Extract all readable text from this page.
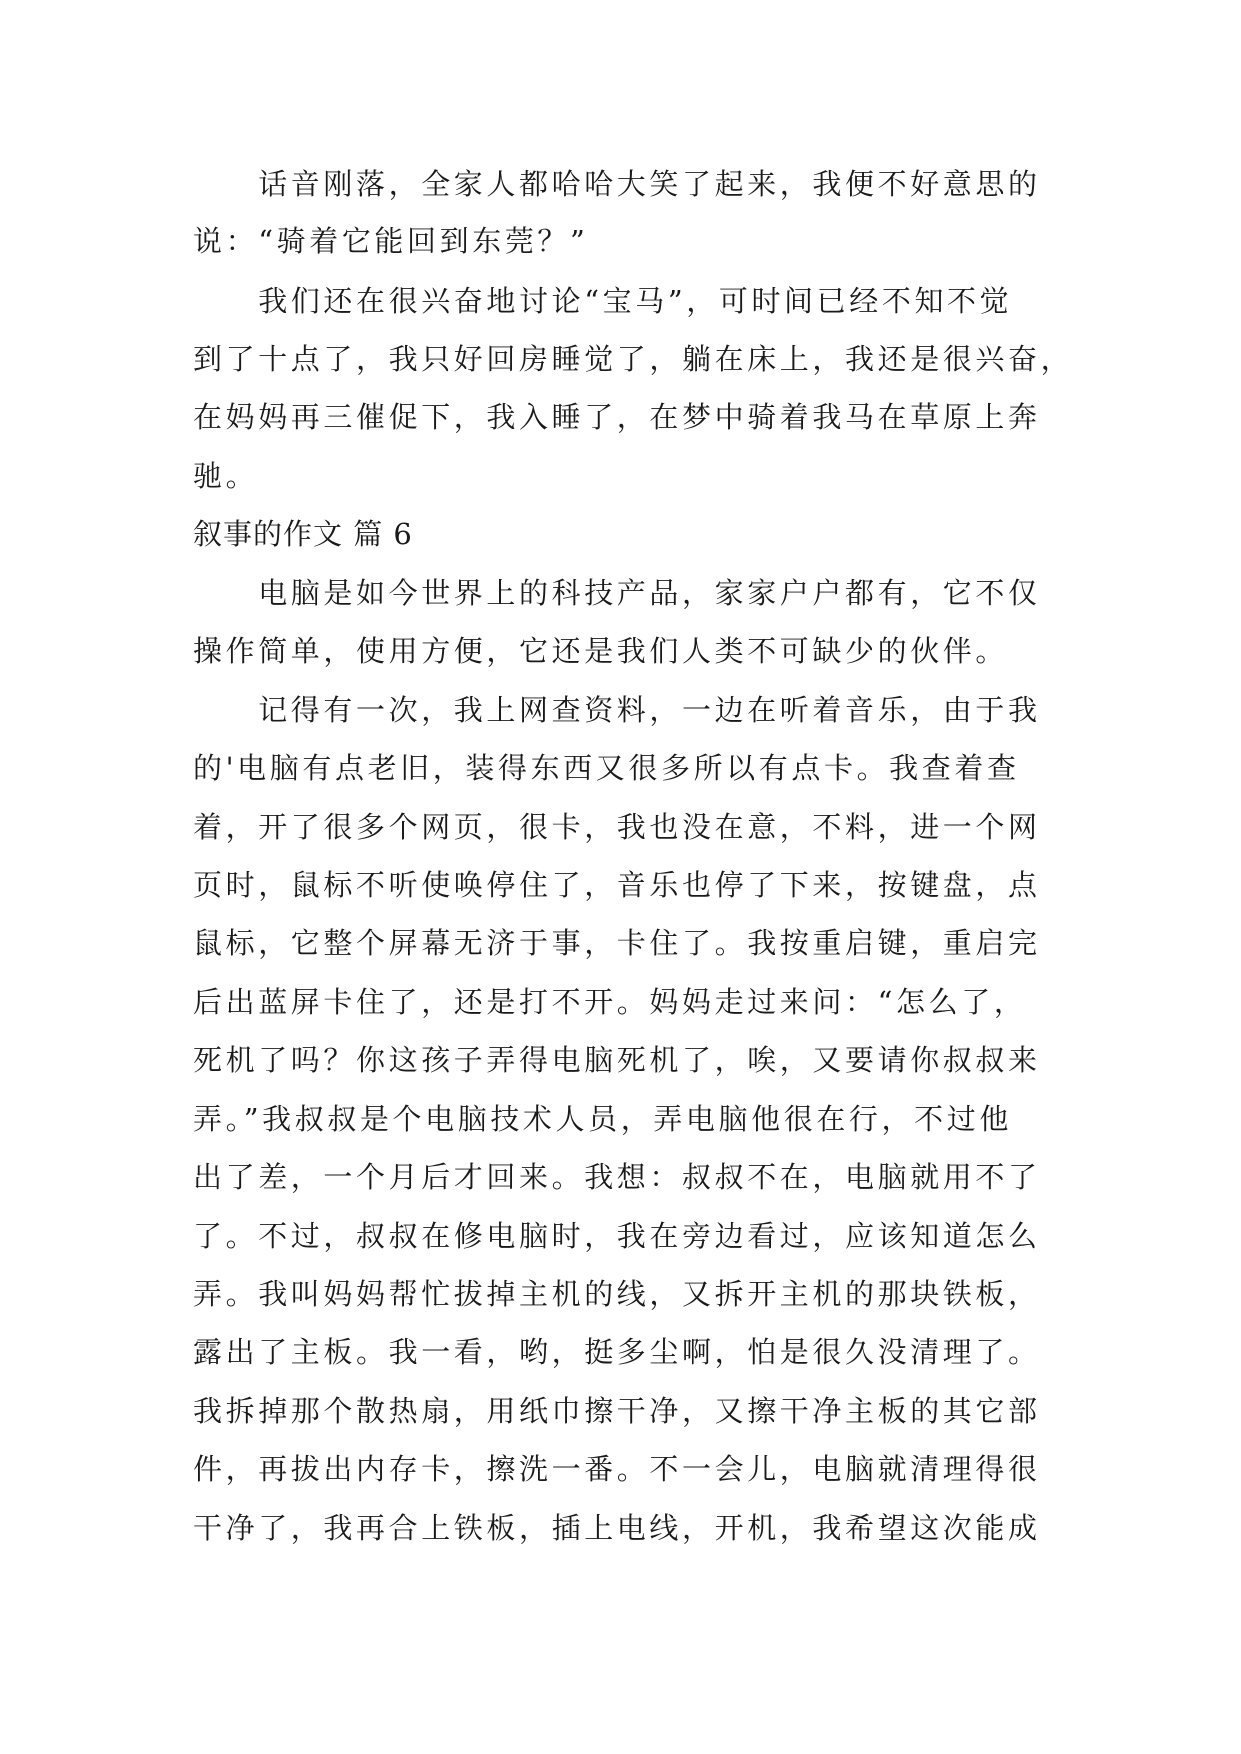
　　话音刚落，全家人都哈哈大笑了起来，我便不好意思的
说：“骑着它能回到东莞？”
　　我们还在很兴奋地讨论“宝马”，可时间已经不知不觉
到了十点了，我只好回房睡觉了，躺在床上，我还是很兴奋，
在妈妈再三催促下，我入睡了，在梦中骑着我马在草原上奔
驰。
叙事的作文 篇 6
　　电脑是如今世界上的科技产品，家家户户都有，它不仅
操作简单，使用方便，它还是我们人类不可缺少的伙伴。
　　记得有一次，我上网查资料，一边在听着音乐，由于我
的'电脑有点老旧，装得东西又很多所以有点卡。我查着查
着，开了很多个网页，很卡，我也没在意，不料，进一个网
页时，鼠标不听使唤停住了，音乐也停了下来，按键盘，点
鼠标，它整个屏幕无济于事，卡住了。我按重启键，重启完
后出蓝屏卡住了，还是打不开。妈妈走过来问：“怎么了，
死机了吗？你这孩子弄得电脑死机了，唉，又要请你叔叔来
弄。”我叔叔是个电脑技术人员，弄电脑他很在行，不过他
出了差，一个月后才回来。我想：叔叔不在，电脑就用不了
了。不过，叔叔在修电脑时，我在旁边看过，应该知道怎么
弄。我叫妈妈帮忙拔掉主机的线，又拆开主机的那块铁板，
露出了主板。我一看，哟，挺多尘啊，怕是很久没清理了。
我拆掉那个散热扇，用纸巾擦干净，又擦干净主板的其它部
件，再拔出内存卡，擦洗一番。不一会儿，电脑就清理得很
干净了，我再合上铁板，插上电线，开机，我希望这次能成
